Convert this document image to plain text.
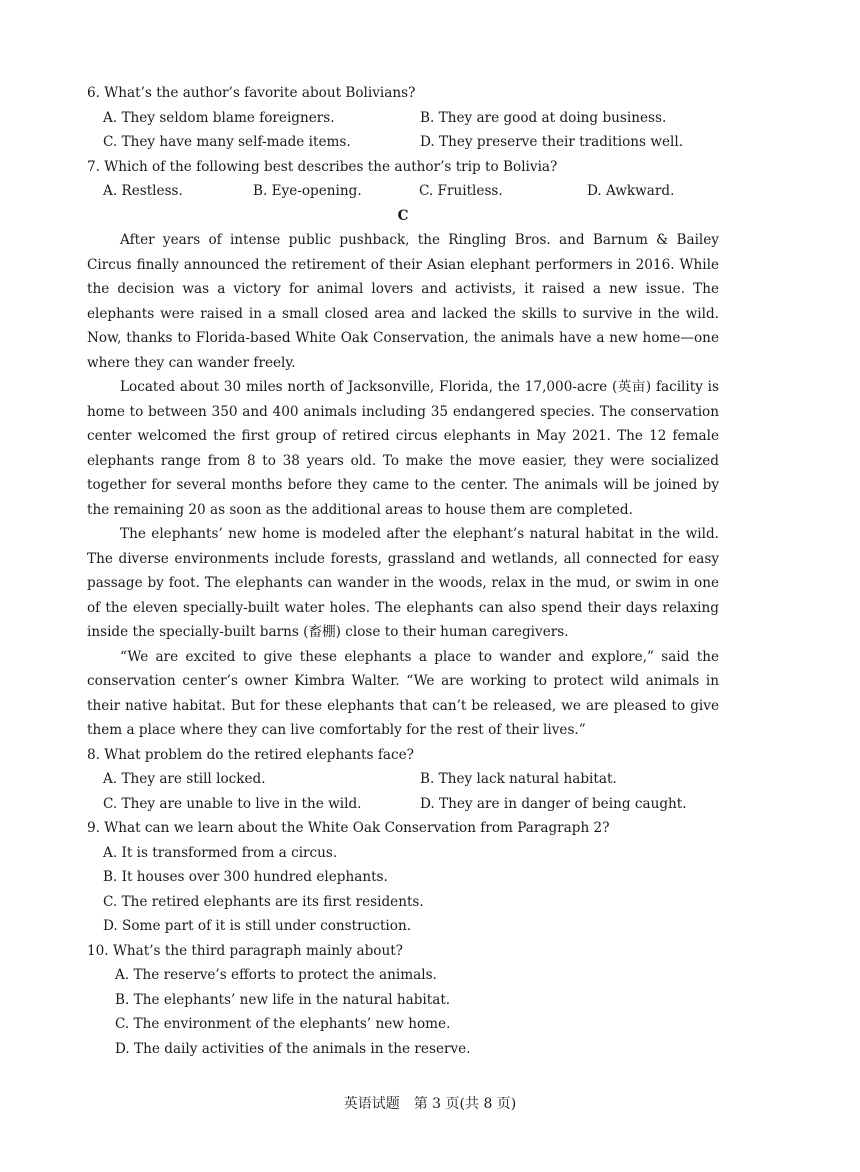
6. What’s the author’s favorite about Bolivians?

A. They seldom blame foreigners.	B. They are good at doing business.
C. They have many self-made items.	D. They preserve their traditions well.

7. Which of the following best describes the author’s trip to Bolivia?

A. Restless.	B. Eye-opening.	C. Fruitless.	D. Awkward.
C

After years of intense public pushback, the Ringling Bros. and Barnum & Bailey Circus finally announced the retirement of their Asian elephant performers in 2016. While the decision was a victory for animal lovers and activists, it raised a new issue. The elephants were raised in a small closed area and lacked the skills to survive in the wild. Now, thanks to Florida-based White Oak Conservation, the animals have a new home—one where they can wander freely.

Located about 30 miles north of Jacksonville, Florida, the 17,000-acre (英亩) facility is home to between 350 and 400 animals including 35 endangered species. The conservation center welcomed the first group of retired circus elephants in May 2021. The 12 female elephants range from 8 to 38 years old. To make the move easier, they were socialized together for several months before they came to the center. The animals will be joined by the remaining 20 as soon as the additional areas to house them are completed.

The elephants’ new home is modeled after the elephant’s natural habitat in the wild. The diverse environments include forests, grassland and wetlands, all connected for easy passage by foot. The elephants can wander in the woods, relax in the mud, or swim in one of the eleven specially-built water holes. The elephants can also spend their days relaxing inside the specially-built barns (畜棚) close to their human caregivers.

“We are excited to give these elephants a place to wander and explore,” said the conservation center’s owner Kimbra Walter. “We are working to protect wild animals in their native habitat. But for these elephants that can’t be released, we are pleased to give them a place where they can live comfortably for the rest of their lives.”

8. What problem do the retired elephants face?

A. They are still locked.	B. They lack natural habitat.
C. They are unable to live in the wild.	D. They are in danger of being caught.

9. What can we learn about the White Oak Conservation from Paragraph 2?

A. It is transformed from a circus.
B. It houses over 300 hundred elephants.
C. The retired elephants are its first residents.
D. Some part of it is still under construction.

10. What’s the third paragraph mainly about?

A. The reserve’s efforts to protect the animals.
B. The elephants’ new life in the natural habitat.
C. The environment of the elephants’ new home.
D. The daily activities of the animals in the reserve.
英语试题　第 3 页(共 8 页)
